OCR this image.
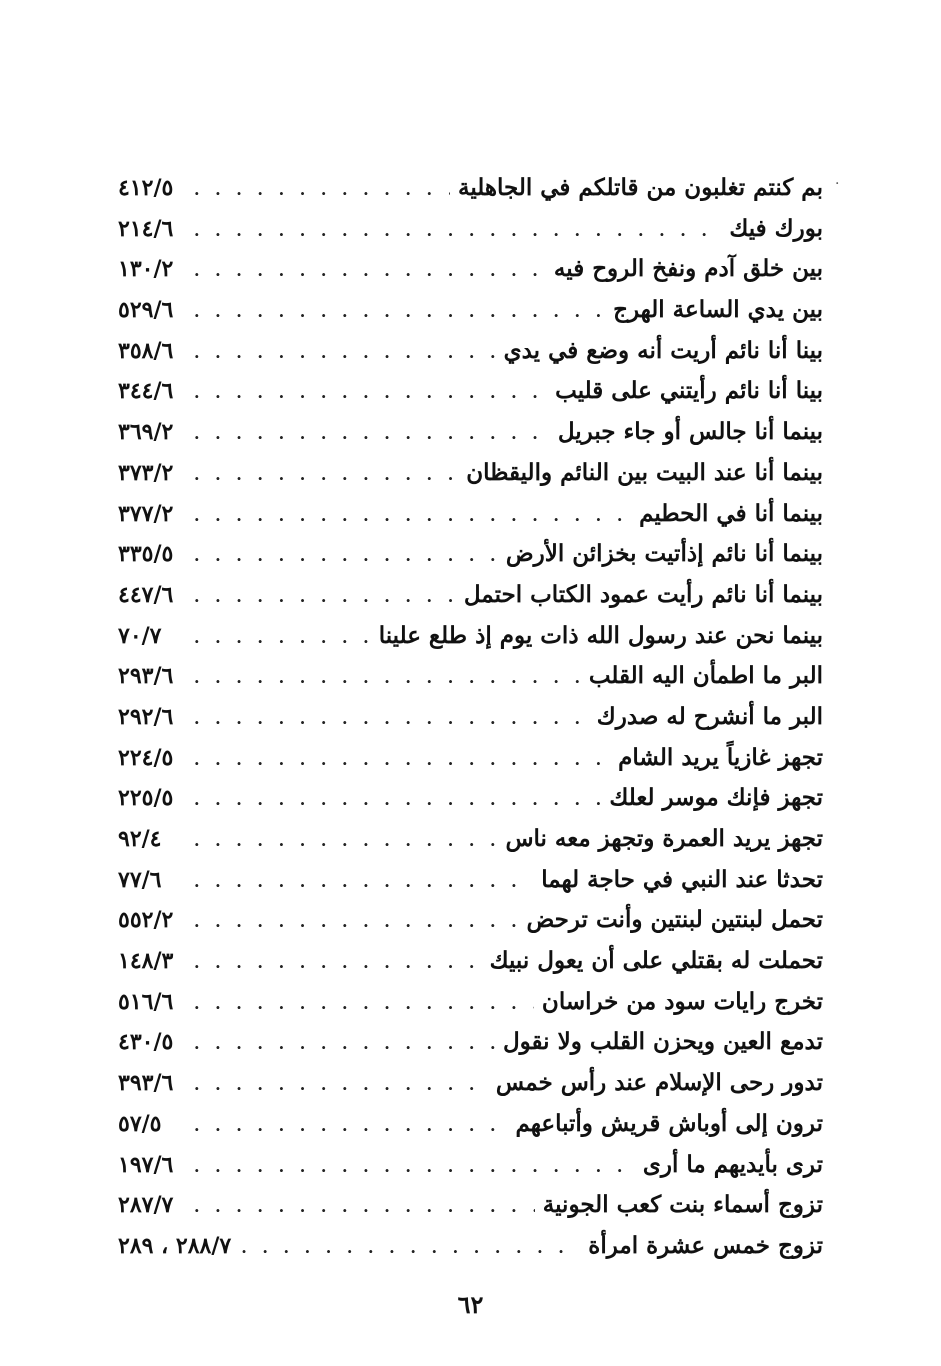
·
بم كنتم تغلبون من قاتلكم في الجاهلية
. . .
٤١٢/٥
بورك فيك
. . .
٢١٤/٦
بين خلق آدم ونفخ الروح فيه
. . .
١٣٠/٢
بين يدي الساعة الهرج
. . .
٥٢٩/٦
بينا أنا نائم أريت أنه وضع في يدي
. . .
٣٥٨/٦
بينا أنا نائم رأيتني على قليب
. . .
٣٤٤/٦
بينما أنا جالس أو جاء جبريل
. . .
٣٦٩/٢
بينما أنا عند البيت بين النائم واليقظان
. . .
٣٧٣/٢
بينما أنا في الحطيم
. . .
٣٧٧/٢
بينما أنا نائم إذأتيت بخزائن الأرض
. . .
٣٣٥/٥
بينما أنا نائم رأيت عمود الكتاب احتمل
. . .
٤٤٧/٦
بينما نحن عند رسول الله ذات يوم إذ طلع علينا
. . .
٧٠/٧
البر ما اطمأن اليه القلب
. . .
٢٩٣/٦
البر ما أنشرح له صدرك
. . .
٢٩٢/٦
تجهز غازياً يريد الشام
. . .
٢٢٤/٥
تجهز فإنك موسر لعلك
. . .
٢٢٥/٥
تجهز يريد العمرة وتجهز معه ناس
. . .
٩٢/٤
تحدثا عند النبي في حاجة لهما
. . .
٧٧/٦
تحمل لبنتين لبنتين وأنت ترحض
. . .
٥٥٢/٢
تحملت له بقتلي على أن يعول نبيك
. . .
١٤٨/٣
تخرج رايات سود من خراسان
. . .
٥١٦/٦
تدمع العين ويحزن القلب ولا نقول
. . .
٤٣٠/٥
تدور رحى الإسلام عند رأس خمس
. . .
٣٩٣/٦
ترون إلى أوباش قريش وأتباعهم
. . .
٥٧/٥
ترى بأيديهم ما أرى
. . .
١٩٧/٦
تزوج أسماء بنت كعب الجونية
. . .
٢٨٧/٧
تزوج خمس عشرة امرأة
. . .
٢٨٨/٧ ، ٢٨٩
٦٢
